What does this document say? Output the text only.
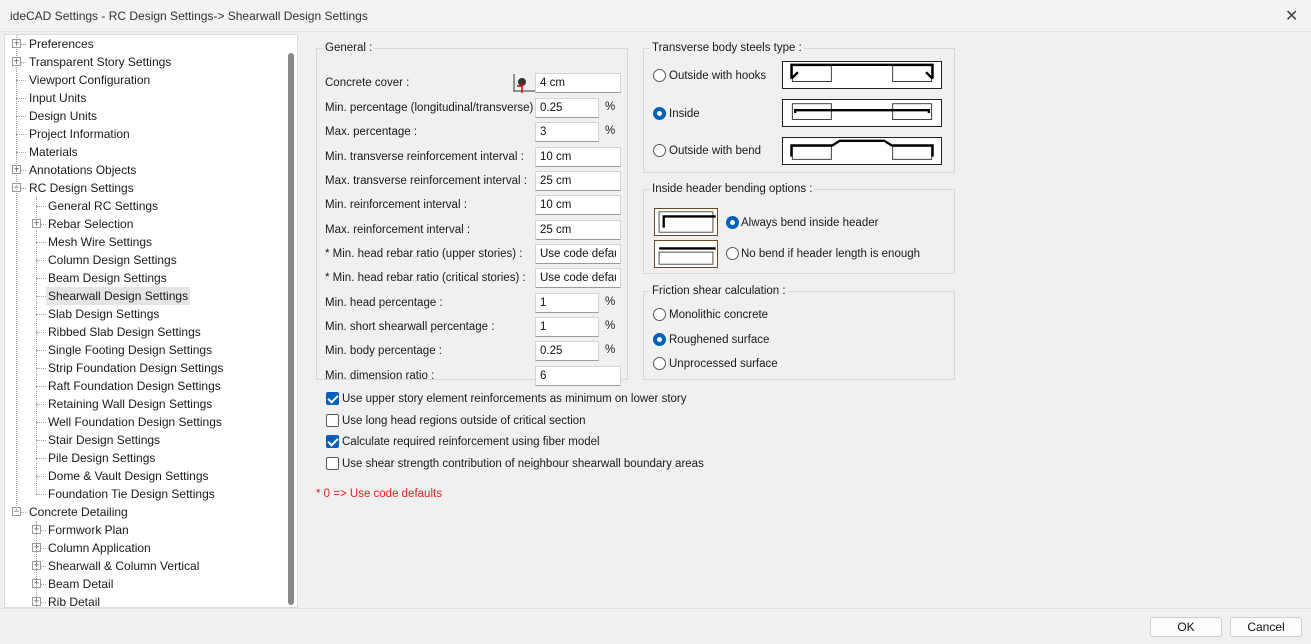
ideCAD Settings - RC Design Settings-> Shearwall Design Settings	✕
+ Preferences
+ Transparent Story Settings
Viewport Configuration
Input Units
Design Units
Project Information
Materials
+ Annotations Objects
− RC Design Settings
General RC Settings
+ Rebar Selection
Mesh Wire Settings
Column Design Settings
Beam Design Settings
Shearwall Design Settings
Slab Design Settings
Ribbed Slab Design Settings
Single Footing Design Settings
Strip Foundation Design Settings
Raft Foundation Design Settings
Retaining Wall Design Settings
Well Foundation Design Settings
Stair Design Settings
Pile Design Settings
Dome & Vault Design Settings
Foundation Tie Design Settings
− Concrete Detailing
+ Formwork Plan
+ Column Application
+ Shearwall & Column Vertical
+ Beam Detail
+ Rib Detail
General :
Concrete cover :
4 cm
Min. percentage (longitudinal/transverse)
0.25	%
Max. percentage :
3	%
Min. transverse reinforcement interval :
10 cm
Max. transverse reinforcement interval :
25 cm
Min. reinforcement interval :
10 cm
Max. reinforcement interval :
25 cm
* Min. head rebar ratio (upper stories) :
Use code default
* Min. head rebar ratio (critical stories) :
Use code default
Min. head percentage :
1	%
Min. short shearwall percentage :
1	%
Min. body percentage :
0.25	%
Min. dimension ratio :
6
Transverse body steels type :
Outside with hooks
Inside
Outside with bend
Inside header bending options :
Always bend inside header
No bend if header length is enough
Friction shear calculation :
Monolithic concrete
Roughened surface
Unprocessed surface
Use upper story element reinforcements as minimum on lower story
Use long head regions outside of critical section
Calculate required reinforcement using fiber model
Use shear strength contribution of neighbour shearwall boundary areas
* 0 => Use code defaults
OK	Cancel
